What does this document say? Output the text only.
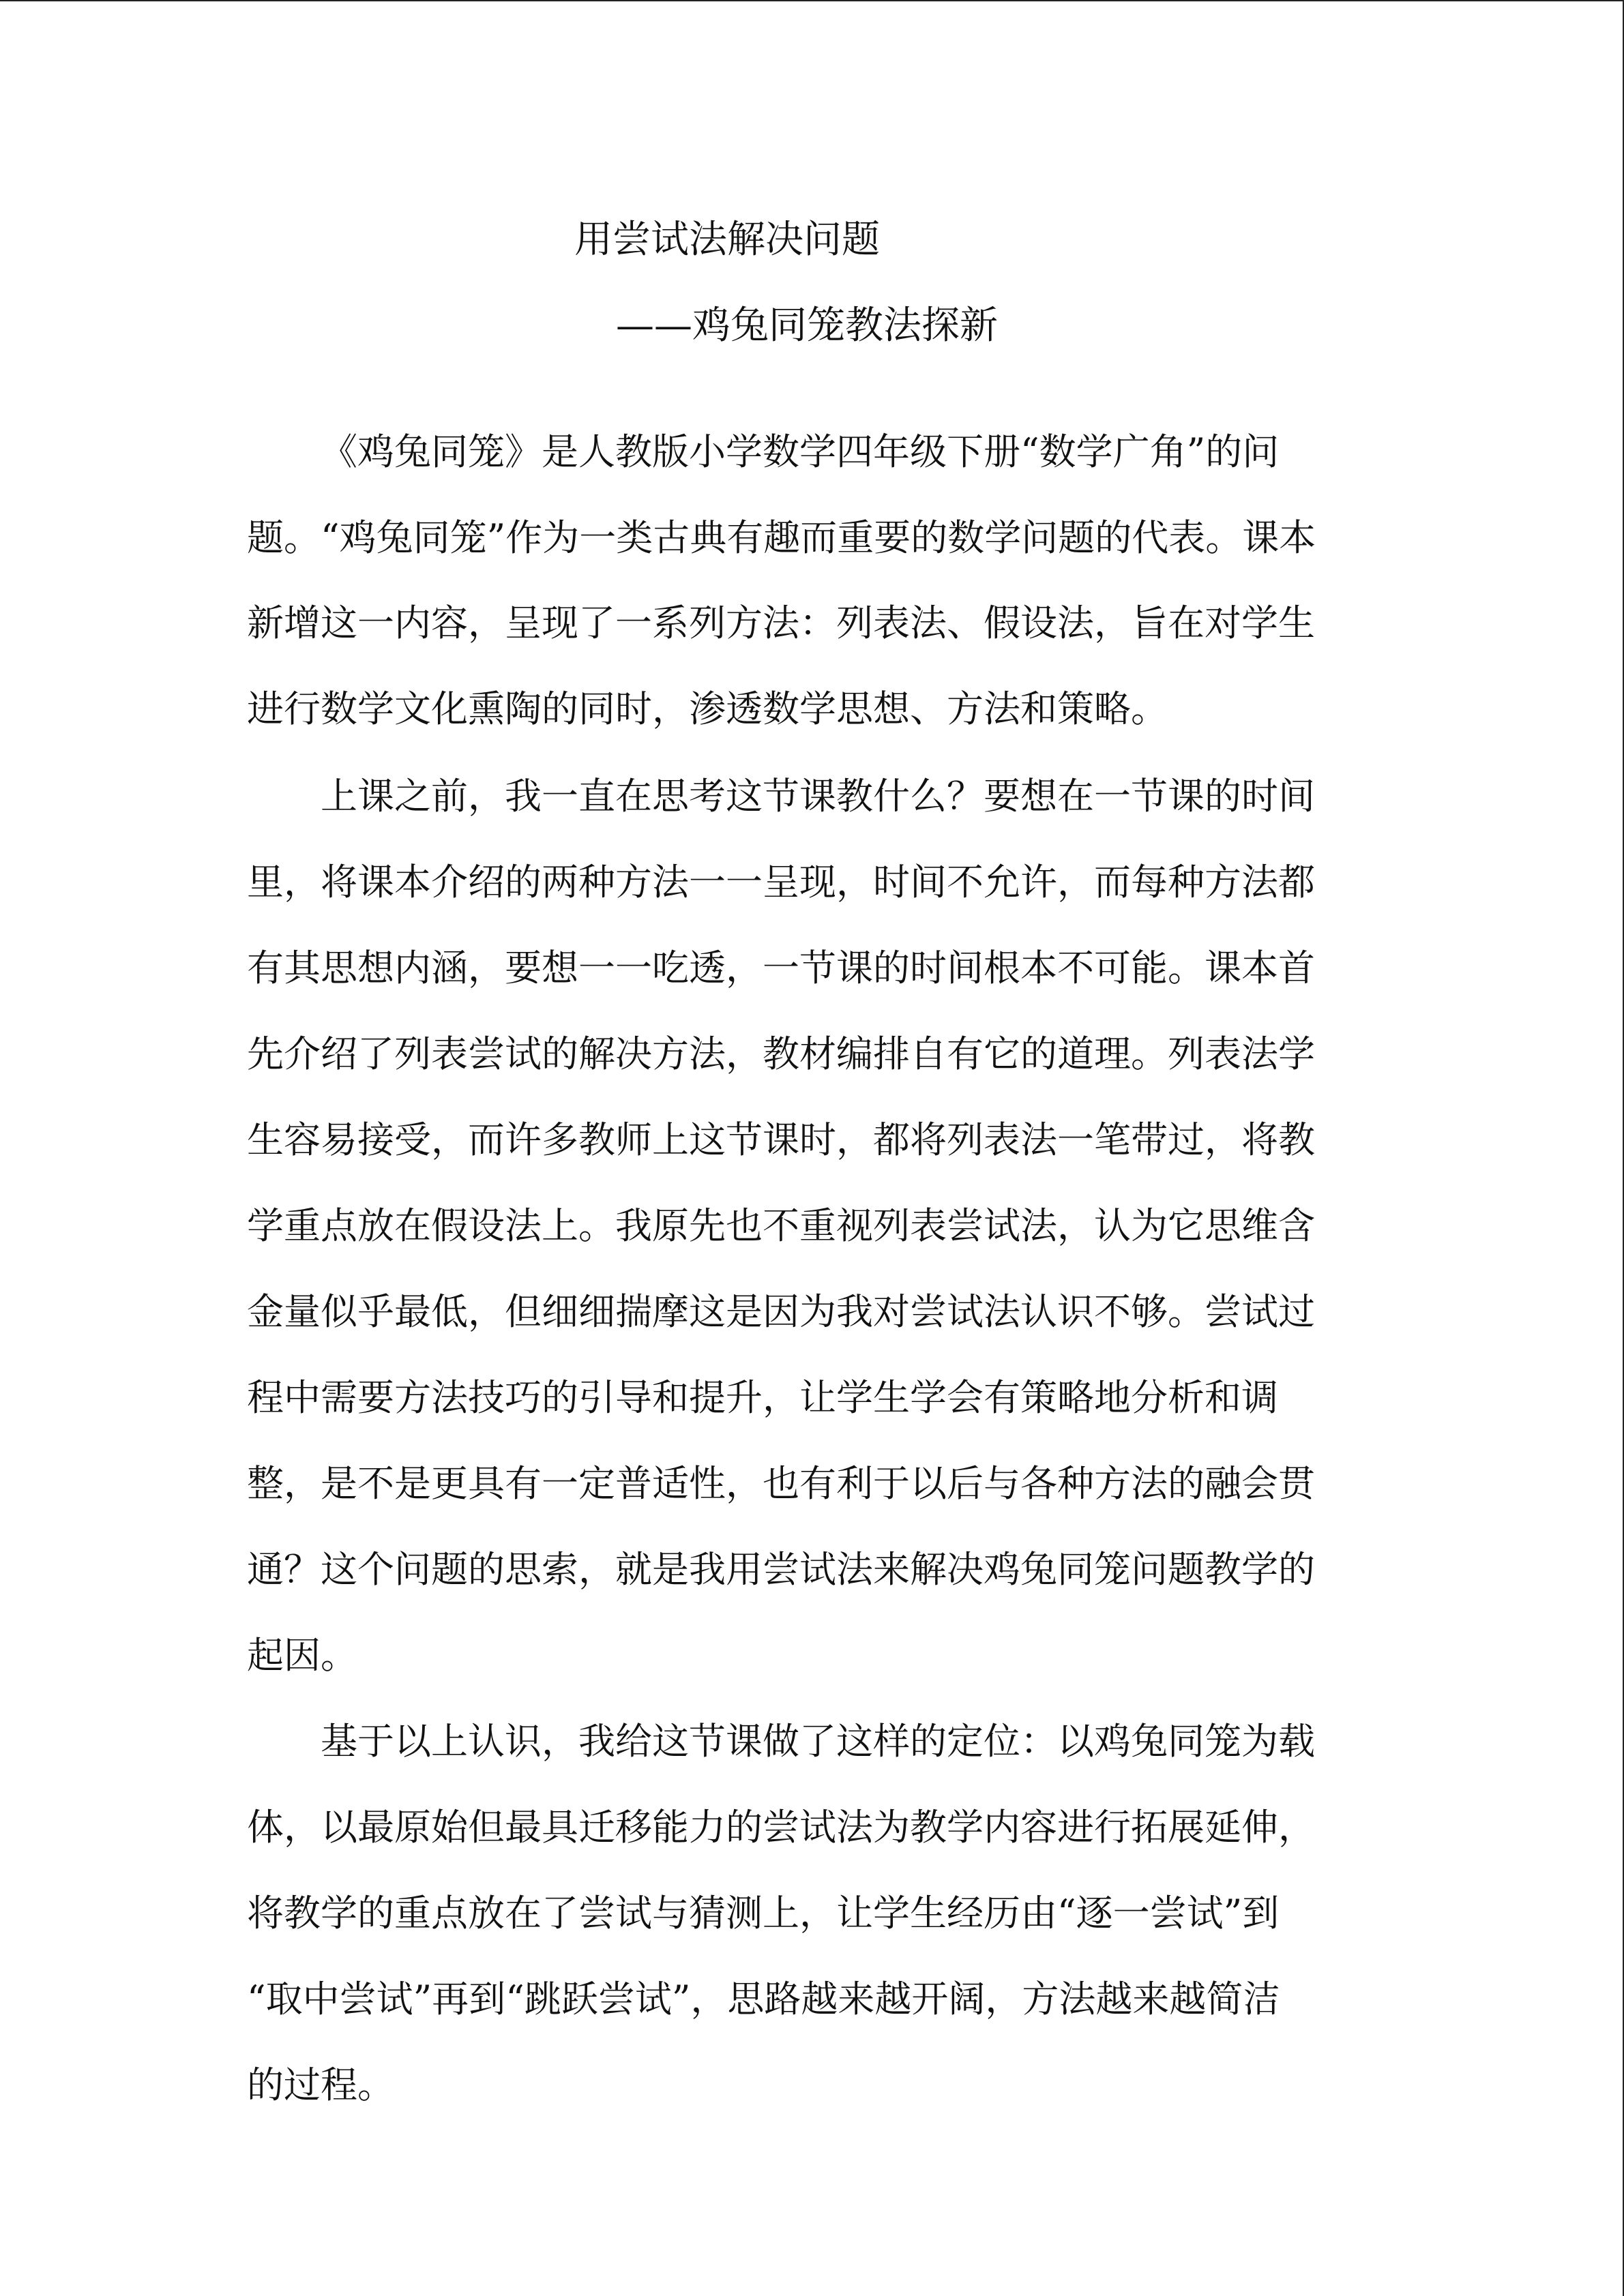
用尝试法解决问题
——鸡兔同笼教法探新

《鸡兔同笼》是人教版小学数学四年级下册“数学广角”的问

题。“鸡兔同笼”作为一类古典有趣而重要的数学问题的代表。课本

新增这一内容，呈现了一系列方法：列表法、假设法，旨在对学生

进行数学文化熏陶的同时，渗透数学思想、方法和策略。

上课之前，我一直在思考这节课教什么？要想在一节课的时间

里，将课本介绍的两种方法一一呈现，时间不允许，而每种方法都

有其思想内涵，要想一一吃透，一节课的时间根本不可能。课本首

先介绍了列表尝试的解决方法，教材编排自有它的道理。列表法学

生容易接受，而许多教师上这节课时，都将列表法一笔带过，将教

学重点放在假设法上。我原先也不重视列表尝试法，认为它思维含

金量似乎最低，但细细揣摩这是因为我对尝试法认识不够。尝试过

程中需要方法技巧的引导和提升，让学生学会有策略地分析和调

整，是不是更具有一定普适性，也有利于以后与各种方法的融会贯

通？这个问题的思索，就是我用尝试法来解决鸡兔同笼问题教学的

起因。

基于以上认识，我给这节课做了这样的定位：以鸡兔同笼为载

体，以最原始但最具迁移能力的尝试法为教学内容进行拓展延伸，

将教学的重点放在了尝试与猜测上，让学生经历由“逐一尝试”到

“取中尝试”再到“跳跃尝试”，思路越来越开阔，方法越来越简洁

的过程。
